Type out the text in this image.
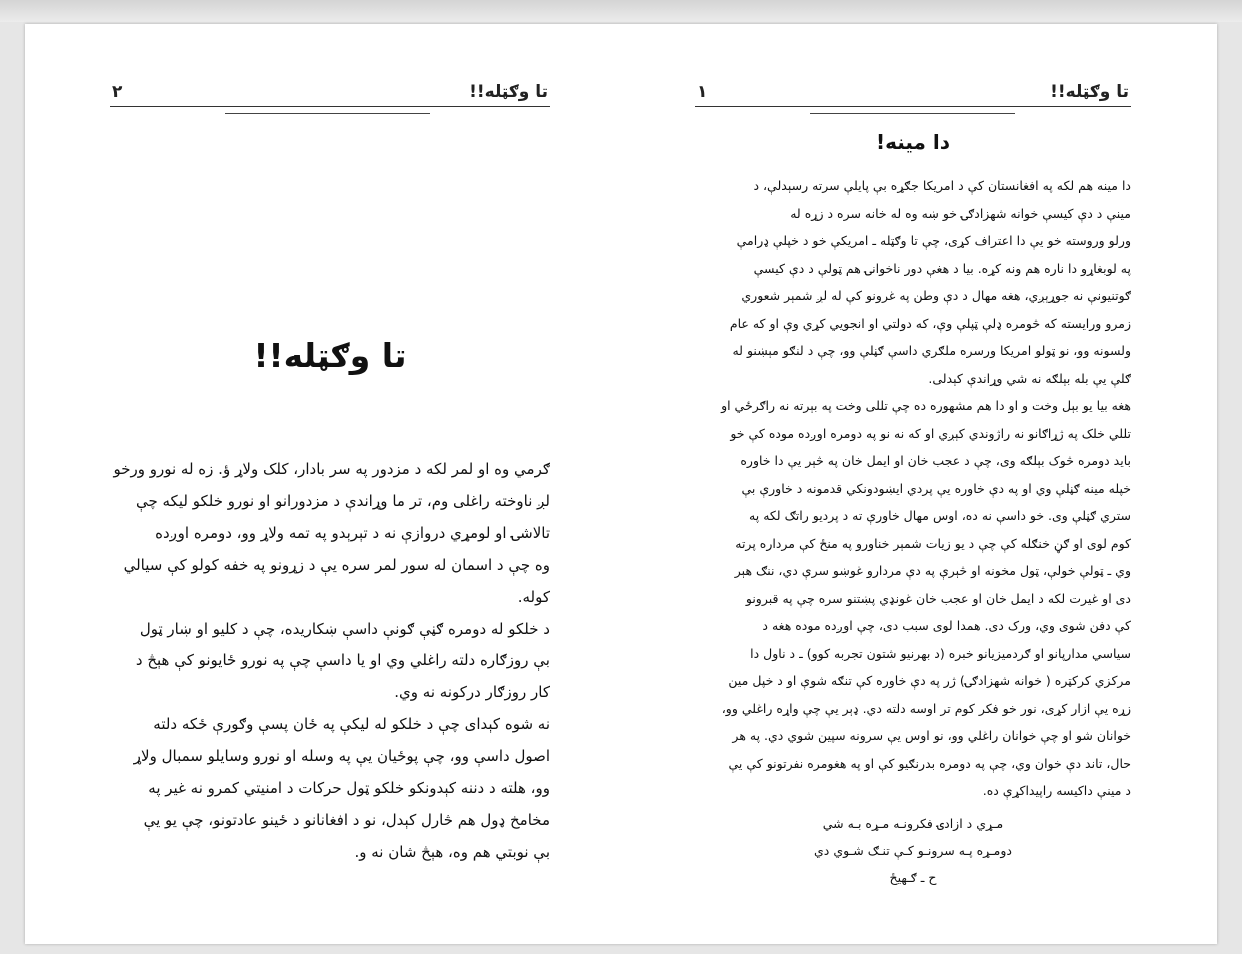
تا وګټله!!
۲
تا وګټله!!
ګرمي وه او لمر لکه د مزدور په سر بادار، کلک ولاړ ؤ. زه له نورو ورخو
لږ ناوخته راغلی وم، تر ما وړاندې د مزدورانو او نورو خلکو لیکه چې
تالاشۍ او لومړي دروازې نه د تېرېدو په تمه ولاړ وو، دومره اوږده
وه چې د اسمان له سور لمر سره يې د زړونو په خفه کولو کې سیالي
کوله.
د خلکو له دومره ګڼې ګونې داسې ښکاریده، چې د کلیو او ښار ټول
بې روزګاره دلته راغلي وي او يا داسې چې په نورو ځایونو کې هېڅ د
کار روزګار درکونه نه وي.
نه شوه کېدای چې د خلکو له لیکې په ځان پسې وګورې ځکه دلته
اصول داسې وو، چې پوځیان يې په وسله او نورو وسایلو سمبال ولاړ
وو، هلته د دننه کېدونکو خلکو ټول حرکات د امنیتي کمرو نه غیر په
مخامخ ډول هم څارل کېدل، نو د افغانانو د ځینو عادتونو، چې یو يې
بې نوبتي هم وه، هېڅ شان نه و.
تا وګټله!!
۱
دا مینه!
دا مینه هم لکه په افغانستان کې د امریکا جګړه بې پایلې سرته رسېدلې، د
مینې د دې کیسې خوانه شهزادګۍ خو ښه وه له خانه سره د زړه له
ورلو وروسته خو يې دا اعتراف کړی، چې تا وګټله ـ امریکې خو د خپلې ډرامې
په لوبغاړو دا ناره هم ونه کړه. بیا د هغې دور ناخوانۍ هم ټولې د دې کیسې
ګوتنیونې نه جوړېږي، هغه مهال د دې وطن په غرونو کې له لږ شمېر شعوري
زمرو ورایسته که څومره ډلې ټپلې وې، که دولتي او انجويي کړي وې او که عام
ولسونه وو، نو ټولو امریکا ورسره ملګري داسې ګڼلې وو، چې د لنګو مېښنو له
ګلې يې بله بېلګه نه شي وړاندې کېدلی.
هغه بیا یو بېل وخت و او دا هم مشهوره ده چې تللی وخت په بېرته نه راګرځي او
تللي خلک په ژړاګانو نه راژوندي کېږي او که نه نو په دومره اوږده موده کې خو
باید دومره څوک بېلګه وی، چې د عجب خان او ایمل خان په څېر يې دا خاوره
خپله مینه ګڼلې وي او په دې خاوره يې پردي ایښودونکي قدمونه د خاورې بې
ستري ګڼلې وی. خو داسې نه ده، اوس مهال خاورې ته د پردیو راتګ لکه په
کوم لوی او ګڼ خنګله کې چې د یو زیات شمېر خناورو په منځ کې مرداره پرته
وي ـ ټولې خولې، ټول مخونه او څېرې په دې مردارو غوښو سرې دي، ننګ هېر
دی او غیرت لکه د ایمل خان او عجب خان غونډي پښتنو سره چې په قبرونو
کې دفن شوی وي، ورک دی. همدا لوی سبب دی، چې اوږده موده هغه د
سیاسي مدارپانو او ګردمیزیانو خبره (د بهرنیو شتون تجربه کوو) ـ د ناول دا
مرکزي کرکټره ( خوانه شهزادګۍ) ژر په دې خاوره کې تنګه شوې او د خپل مین
زړه يې ازار کړی، نور خو فکر کوم تر اوسه دلته دي. ډېر يې چې واړه راغلي وو،
خوانان شو او چې خوانان راغلي وو، نو اوس يې سرونه سپین شوي دي. په هر
حال، تاند دې خوان وي، چې په دومره بدرنګیو کې او په هغومره نفرتونو کې يې
د مینې داکیسه راپیداکړې ده.
مـړي د ازادۍ فکرونـه مـړه بـه شي
دومـړه پـه سرونـو کـې تنـګ شـوي دي
ح ـ ګـهیځ
